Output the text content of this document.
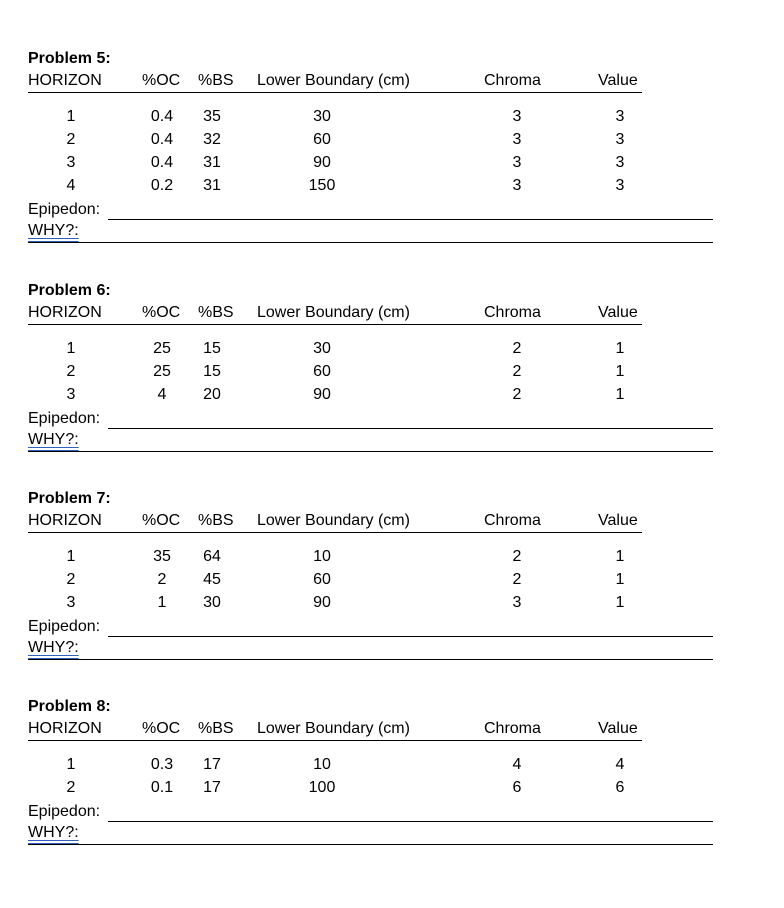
Problem 5:
HORIZON	%OC %BS Lower Boundary (cm)	Chroma	Value
1	0.4 35	30	3	3
2	0.4 32	60	3	3
3	0.4 31	90	3	3
4	0.2 31	150	3	3
Epipedon:
WHY?:
Problem 6:
HORIZON	%OC %BS Lower Boundary (cm)	Chroma	Value
1	25 15	30	2	1
2	25 15	60	2	1
3	4 20	90	2	1
Epipedon:
WHY?:
Problem 7:
HORIZON	%OC %BS Lower Boundary (cm)	Chroma	Value
1	35 64	10	2	1
2	2 45	60	2	1
3	1 30	90	3	1
Epipedon:
WHY?:
Problem 8:
HORIZON	%OC %BS Lower Boundary (cm)	Chroma	Value
1	0.3 17	10	4	4
2	0.1 17	100	6	6
Epipedon:
WHY?:
